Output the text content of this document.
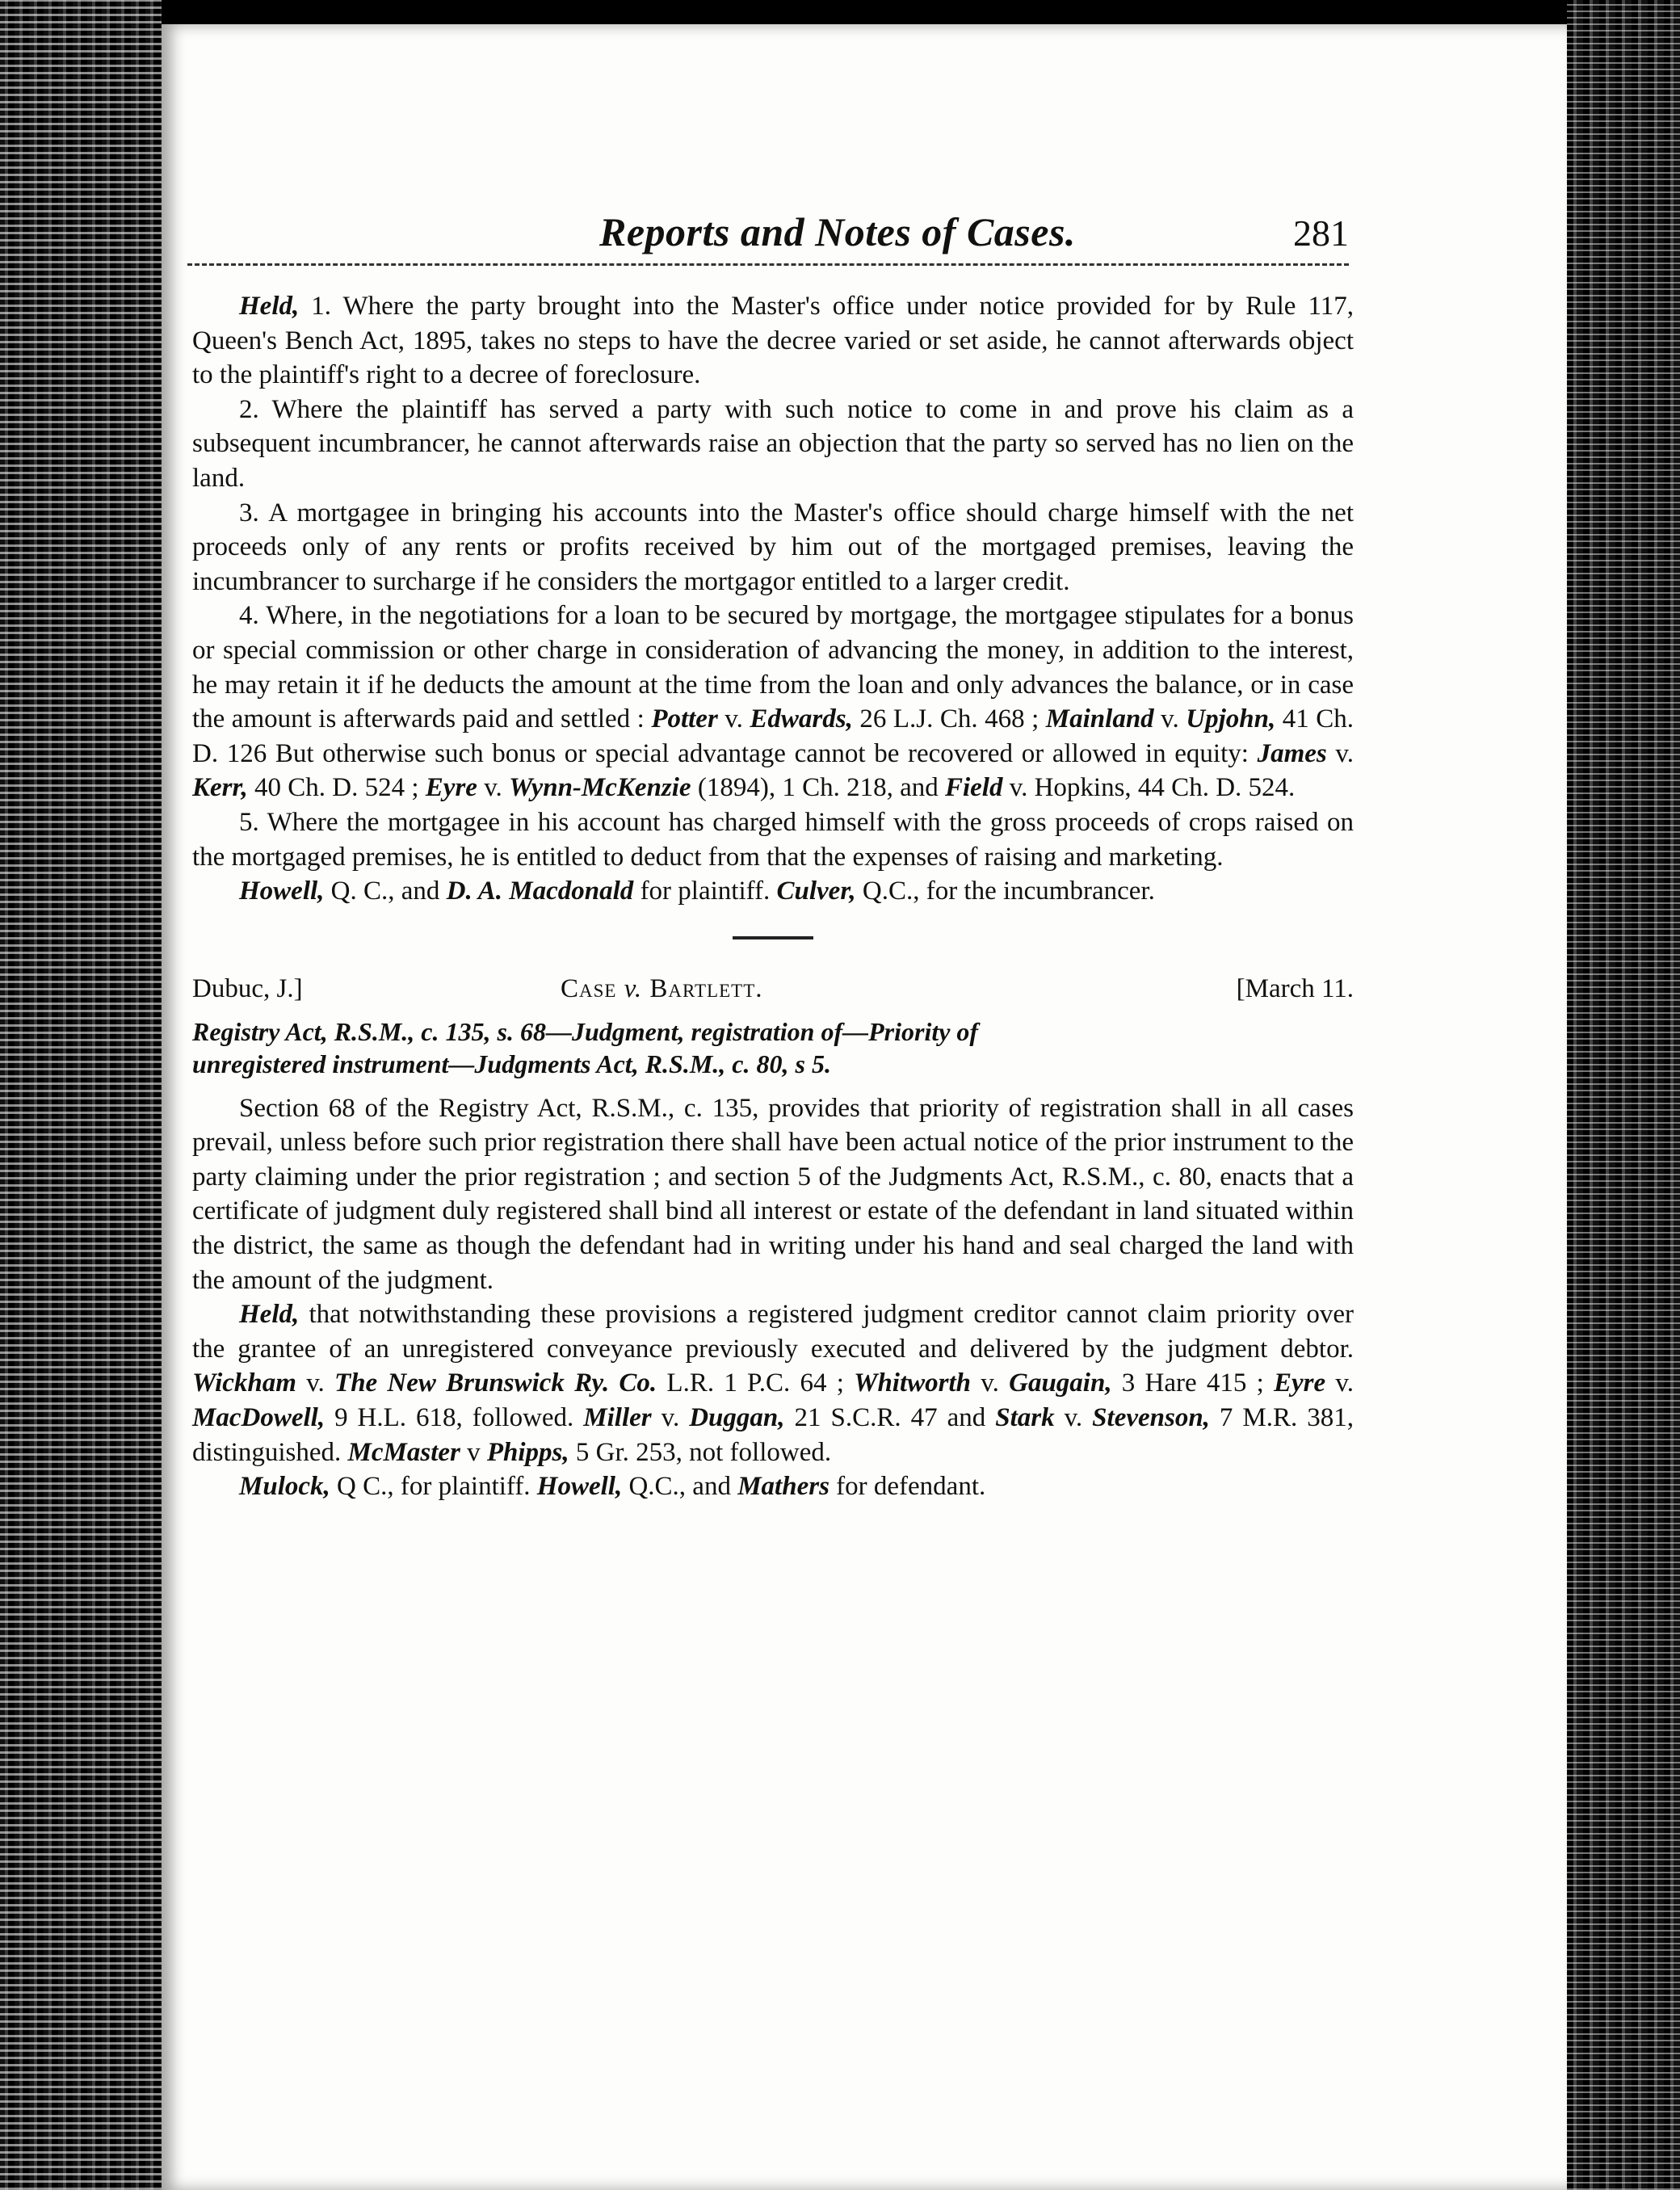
Reports and Notes of Cases.	281

Held, 1. Where the party brought into the Master's office under notice provided for by Rule 117, Queen's Bench Act, 1895, takes no steps to have the decree varied or set aside, he cannot afterwards object to the plaintiff's right to a decree of foreclosure.

2. Where the plaintiff has served a party with such notice to come in and prove his claim as a subsequent incumbrancer, he cannot afterwards raise an objection that the party so served has no lien on the land.

3. A mortgagee in bringing his accounts into the Master's office should charge himself with the net proceeds only of any rents or profits received by him out of the mortgaged premises, leaving the incumbrancer to surcharge if he considers the mortgagor entitled to a larger credit.

4. Where, in the negotiations for a loan to be secured by mortgage, the mortgagee stipulates for a bonus or special commission or other charge in consideration of advancing the money, in addition to the interest, he may retain it if he deducts the amount at the time from the loan and only advances the balance, or in case the amount is afterwards paid and settled : Potter v. Edwards, 26 L.J. Ch. 468 ; Mainland v. Upjohn, 41 Ch. D. 126 But otherwise such bonus or special advantage cannot be recovered or allowed in equity: James v. Kerr, 40 Ch. D. 524 ; Eyre v. Wynn-McKenzie (1894), 1 Ch. 218, and Field v. Hopkins, 44 Ch. D. 524.

5. Where the mortgagee in his account has charged himself with the gross proceeds of crops raised on the mortgaged premises, he is entitled to deduct from that the expenses of raising and marketing.

Howell, Q. C., and D. A. Macdonald for plaintiff. Culver, Q.C., for the incumbrancer.

Dubuc, J.]	Case v. Bartlett.	[March 11.
Registry Act, R.S.M., c. 135, s. 68—Judgment, registration of—Priority of
unregistered instrument—Judgments Act, R.S.M., c. 80, s 5.

Section 68 of the Registry Act, R.S.M., c. 135, provides that priority of registration shall in all cases prevail, unless before such prior registration there shall have been actual notice of the prior instrument to the party claiming under the prior registration ; and section 5 of the Judgments Act, R.S.M., c. 80, enacts that a certificate of judgment duly registered shall bind all interest or estate of the defendant in land situated within the district, the same as though the defendant had in writing under his hand and seal charged the land with the amount of the judgment.

Held, that notwithstanding these provisions a registered judgment creditor cannot claim priority over the grantee of an unregistered conveyance previously executed and delivered by the judgment debtor. Wickham v. The New Brunswick Ry. Co. L.R. 1 P.C. 64 ; Whitworth v. Gaugain, 3 Hare 415 ; Eyre v. MacDowell, 9 H.L. 618, followed. Miller v. Duggan, 21 S.C.R. 47 and Stark v. Stevenson, 7 M.R. 381, distinguished. McMaster v Phipps, 5 Gr. 253, not followed.

Mulock, Q C., for plaintiff. Howell, Q.C., and Mathers for defendant.
